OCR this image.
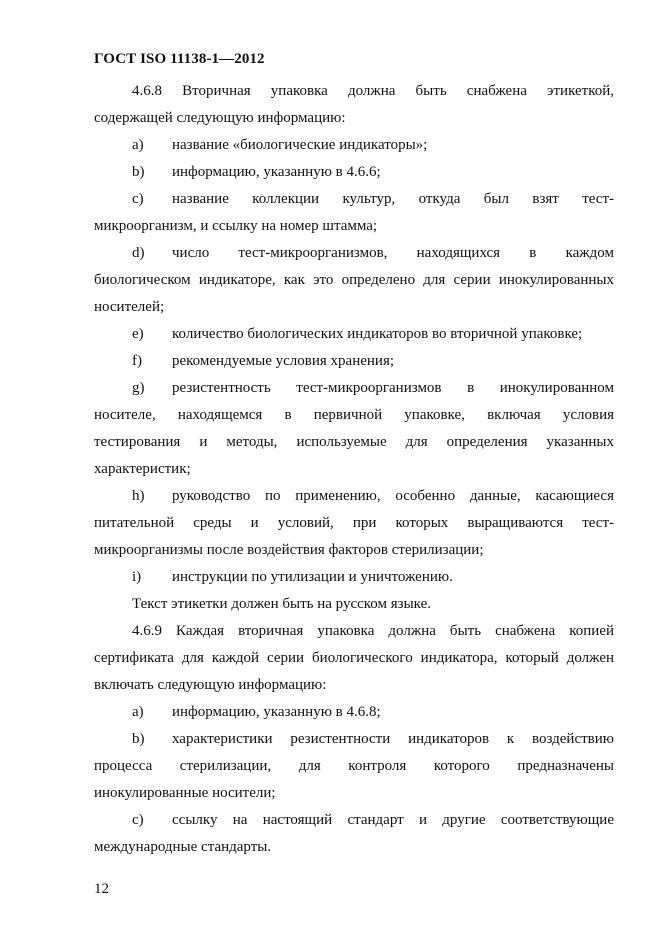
ГОСТ ISO 11138-1—2012
4.6.8 Вторичная упаковка должна быть снабжена этикеткой,
содержащей следующую информацию:
a)	название «биологические индикаторы»;
b)	информацию, указанную в 4.6.6;
c)	название коллекции культур, откуда был взят тест-
микроорганизм, и ссылку на номер штамма;
d)	число тест-микроорганизмов, находящихся в каждом
биологическом индикаторе, как это определено для серии инокулированных
носителей;
e)	количество биологических индикаторов во вторичной упаковке;
f)	рекомендуемые условия хранения;
g)	резистентность тест-микроорганизмов в инокулированном
носителе, находящемся в первичной упаковке, включая условия
тестирования и методы, используемые для определения указанных
характеристик;
h)	руководство по применению, особенно данные, касающиеся
питательной среды и условий, при которых выращиваются тест-
микроорганизмы после воздействия факторов стерилизации;
i)	инструкции по утилизации и уничтожению.
Текст этикетки должен быть на русском языке.
4.6.9 Каждая вторичная упаковка должна быть снабжена копией
сертификата для каждой серии биологического индикатора, который должен
включать следующую информацию:
a)	информацию, указанную в 4.6.8;
b)	характеристики резистентности индикаторов к воздействию
процесса стерилизации, для контроля которого предназначены
инокулированные носители;
c)	ссылку на настоящий стандарт и другие соответствующие
международные стандарты.
12
